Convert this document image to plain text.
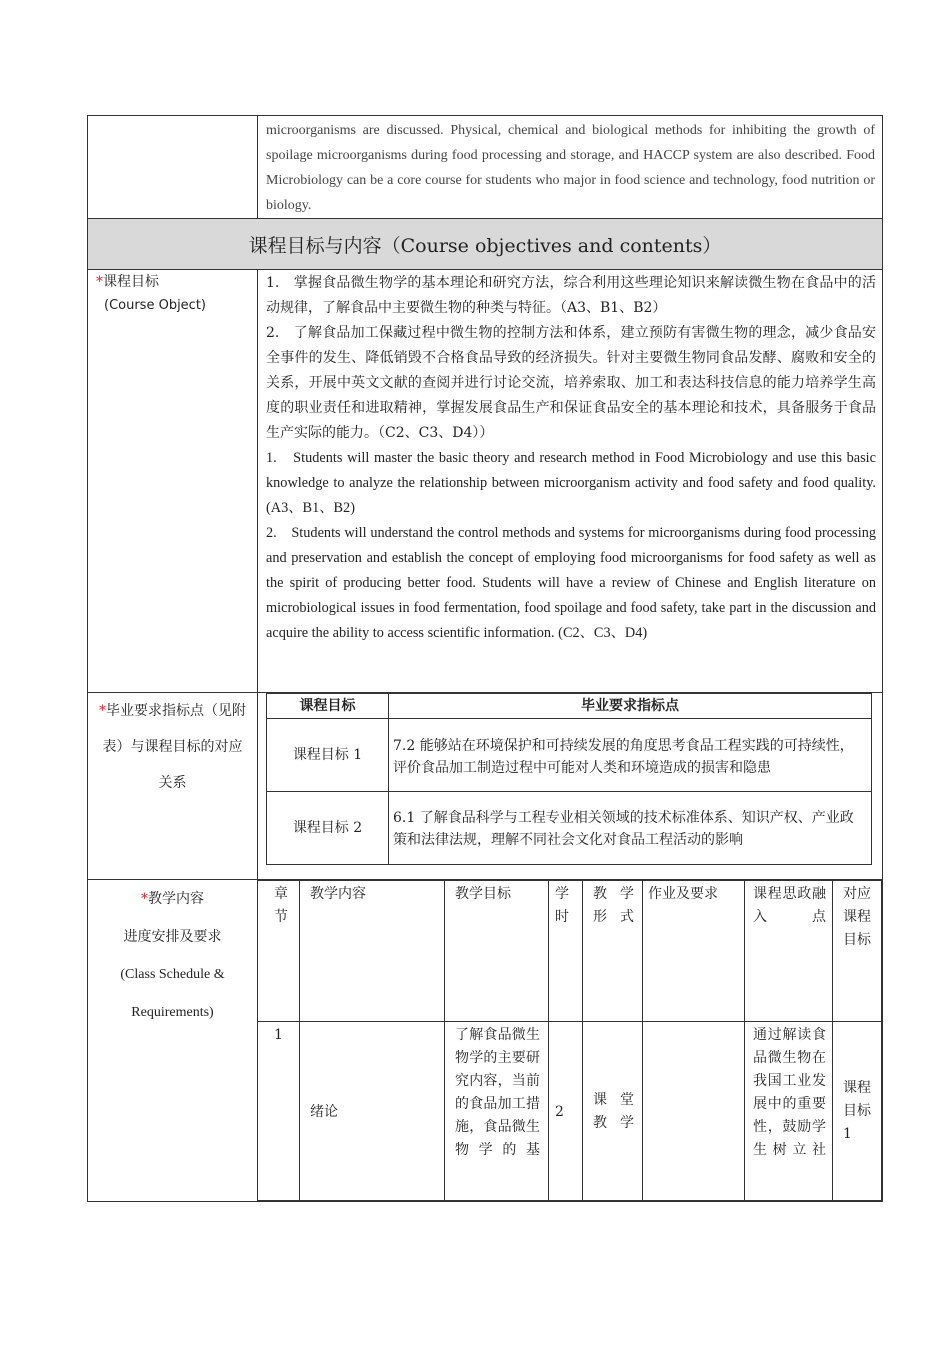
microorganisms are discussed. Physical, chemical and biological methods for inhibiting the growth of spoilage microorganisms during food processing and storage, and HACCP system are also described. Food Microbiology can be a core course for students who major in food science and technology, food nutrition or biology.

课程目标与内容（Course objectives and contents）

*课程目标
(Course Object)

1.　掌握食品微生物学的基本理论和研究方法，综合利用这些理论知识来解读微生物在食品中的活动规律，了解食品中主要微生物的种类与特征。（A3、B1、B2）

2.　了解食品加工保藏过程中微生物的控制方法和体系，建立预防有害微生物的理念，减少食品安全事件的发生、降低销毁不合格食品导致的经济损失。针对主要微生物同食品发酵、腐败和安全的关系，开展中英文文献的查阅并进行讨论交流，培养索取、加工和表达科技信息的能力培养学生高度的职业责任和进取精神，掌握发展食品生产和保证食品安全的基本理论和技术，具备服务于食品生产实际的能力。（C2、C3、D4））

1.　Students will master the basic theory and research method in Food Microbiology and use this basic knowledge to analyze the relationship between microorganism activity and food safety and food quality. (A3、B1、B2)

2.　Students will understand the control methods and systems for microorganisms during food processing and preservation and establish the concept of employing food microorganisms for food safety as well as the spirit of producing better food. Students will have a review of Chinese and English literature on microbiological issues in food fermentation, food spoilage and food safety, take part in the discussion and acquire the ability to access scientific information. (C2、C3、D4)

*毕业要求指标点（见附表）与课程目标的对应关系	
课程目标	毕业要求指标点
课程目标 1	7.2 能够站在环境保护和可持续发展的角度思考食品工程实践的可持续性，评价食品加工制造过程中可能对人类和环境造成的损害和隐患
课程目标 2	6.1 了解食品科学与工程专业相关领域的技术标准体系、知识产权、产业政策和法律法规，理解不同社会文化对食品工程活动的影响

*教学内容
进度安排及要求
(Class Schedule &
Requirements)

章节	教学内容	教学目标	学时	教学形式	作业及要求	课程思政融入点	对应课程目标
1	绪论	了解食品微生物学的主要研究内容，当前的食品加工措施，食品微生物学的基	2	课堂教学		通过解读食品微生物在我国工业发展中的重要性，鼓励学生树立社	课程目标1
